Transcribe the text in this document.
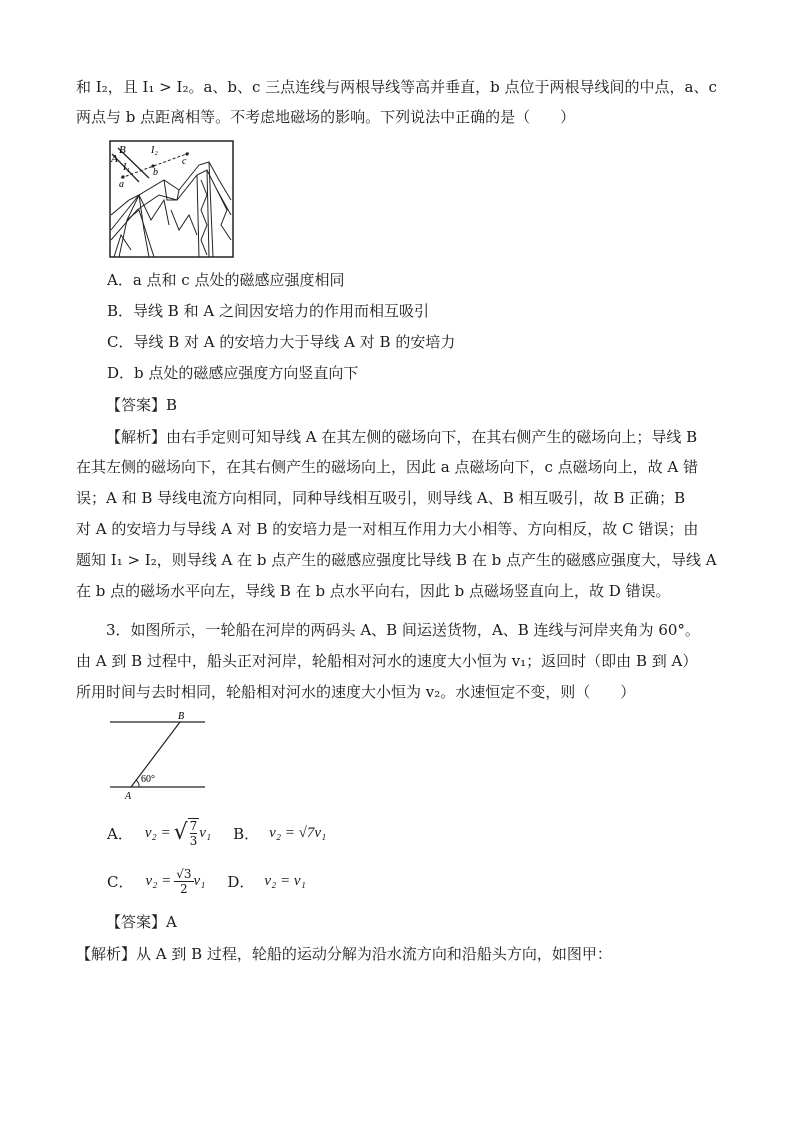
和 I₂，且 I₁ > I₂。a、b、c 三点连线与两根导线等高并垂直，b 点位于两根导线间的中点，a、c
两点与 b 点距离相等。不考虑地磁场的影响。下列说法中正确的是（　　）
B
A
I₂
I₁
a
b
c
A．a 点和 c 点处的磁感应强度相同
B．导线 B 和 A 之间因安培力的作用而相互吸引
C．导线 B 对 A 的安培力大于导线 A 对 B 的安培力
D．b 点处的磁感应强度方向竖直向下
【答案】B
【解析】由右手定则可知导线 A 在其左侧的磁场向下，在其右侧产生的磁场向上；导线 B
在其左侧的磁场向下，在其右侧产生的磁场向上，因此 a 点磁场向下，c 点磁场向上，故 A 错
误；A 和 B 导线电流方向相同，同种导线相互吸引，则导线 A、B 相互吸引，故 B 正确；B
对 A 的安培力与导线 A 对 B 的安培力是一对相互作用力大小相等、方向相反，故 C 错误；由
题知 I₁ > I₂，则导线 A 在 b 点产生的磁感应强度比导线 B 在 b 点产生的磁感应强度大，导线 A
在 b 点的磁场水平向左，导线 B 在 b 点水平向右，因此 b 点磁场竖直向上，故 D 错误。
3．如图所示，一轮船在河岸的两码头 A、B 间运送货物，A、B 连线与河岸夹角为 60°。
由 A 到 B 过程中，船头正对河岸，轮船相对河水的速度大小恒为 v₁；返回时（即由 B 到 A）
所用时间与去时相同，轮船相对河水的速度大小恒为 v₂。水速恒定不变，则（　　）
B
A
60°
A． v₂ = √ $\frac{7}{3} v_1$ B． v₂ = √7v₁
C． $v_2 = \frac{√3}{2} v_1$ D． v₂ = v₁
【答案】A
【解析】从 A 到 B 过程，轮船的运动分解为沿水流方向和沿船头方向，如图甲：
